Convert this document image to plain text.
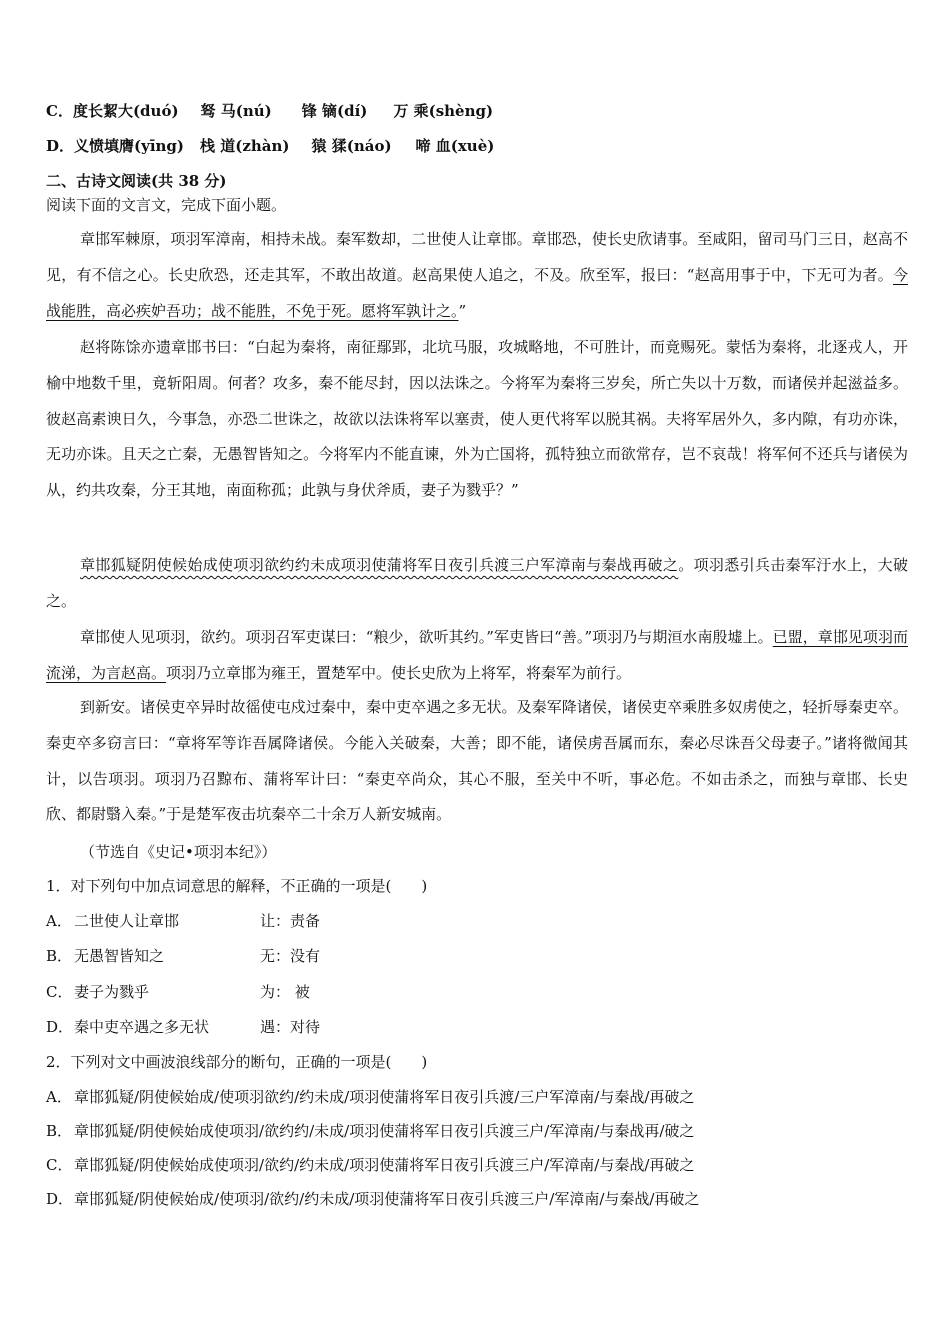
C．度长絜大(duó) 驽 马(nú) 锋 镝(dí) 万 乘(shèng)
D．义愤填膺(yīng) 栈 道(zhàn) 猿 猱(náo) 啼 血(xuè)
二、古诗文阅读(共 38 分)
阅读下面的文言文，完成下面小题。
章邯军棘原，项羽军漳南，相持未战。秦军数却，二世使人让章邯。章邯恐，使长史欣请事。至咸阳，留司马门三日，赵高不见，有不信之心。长史欣恐，还走其军，不敢出故道。赵高果使人追之，不及。欣至军，报曰：“赵高用事于中，下无可为者。今战能胜，高必疾妒吾功；战不能胜，不免于死。愿将军孰计之。”
赵将陈馀亦遗章邯书曰：“白起为秦将，南征鄢郢，北坑马服，攻城略地，不可胜计，而竟赐死。蒙恬为秦将，北逐戎人，开榆中地数千里，竟斩阳周。何者？攻多，秦不能尽封，因以法诛之。今将军为秦将三岁矣，所亡失以十万数，而诸侯并起滋益多。彼赵高素谀日久，今事急，亦恐二世诛之，故欲以法诛将军以塞责，使人更代将军以脱其祸。夫将军居外久，多内隙，有功亦诛，无功亦诛。且天之亡秦，无愚智皆知之。今将军内不能直谏，外为亡国将，孤特独立而欲常存，岂不哀哉！将军何不还兵与诸侯为从，约共攻秦，分王其地，南面称孤；此孰与身伏斧质，妻子为戮乎？”
章邯狐疑阴使候始成使项羽欲约约未成项羽使蒲将军日夜引兵渡三户军漳南与秦战再破之。项羽悉引兵击秦军汙水上，大破之。
章邯使人见项羽，欲约。项羽召军吏谋曰：“粮少，欲听其约。”军吏皆曰“善。”项羽乃与期洹水南殷墟上。已盟，章邯见项羽而流涕，为言赵高。项羽乃立章邯为雍王，置楚军中。使长史欣为上将军，将秦军为前行。
到新安。诸侯吏卒异时故徭使屯戍过秦中，秦中吏卒遇之多无状。及秦军降诸侯，诸侯吏卒乘胜多奴虏使之，轻折辱秦吏卒。秦吏卒多窃言曰：“章将军等诈吾属降诸侯。今能入关破秦，大善；即不能，诸侯虏吾属而东，秦必尽诛吾父母妻子。”诸将微闻其计，以告项羽。项羽乃召黥布、蒲将军计曰：“秦吏卒尚众，其心不服，至关中不听，事必危。不如击杀之，而独与章邯、长史欣、都尉翳入秦。”于是楚军夜击坑秦卒二十余万人新安城南。
（节选自《史记•项羽本纪》）
1．对下列句中加点词意思的解释，不正确的一项是(　　)
A． 二世使人让章邯	让：责备
B． 无愚智皆知之	无：没有
C． 妻子为戮乎	为： 被
D．秦中吏卒遇之多无状	遇：对待
2．下列对文中画波浪线部分的断句，正确的一项是(　　)
A． 章邯狐疑/阴使候始成/使项羽欲约/约未成/项羽使蒲将军日夜引兵渡/三户军漳南/与秦战/再破之
B． 章邯狐疑/阴使候始成使项羽/欲约约/未成/项羽使蒲将军日夜引兵渡三户/军漳南/与秦战再/破之
C． 章邯狐疑/阴使候始成使项羽/欲约/约未成/项羽使蒲将军日夜引兵渡三户/军漳南/与秦战/再破之
D．章邯狐疑/阴使候始成/使项羽/欲约/约未成/项羽使蒲将军日夜引兵渡三户/军漳南/与秦战/再破之
